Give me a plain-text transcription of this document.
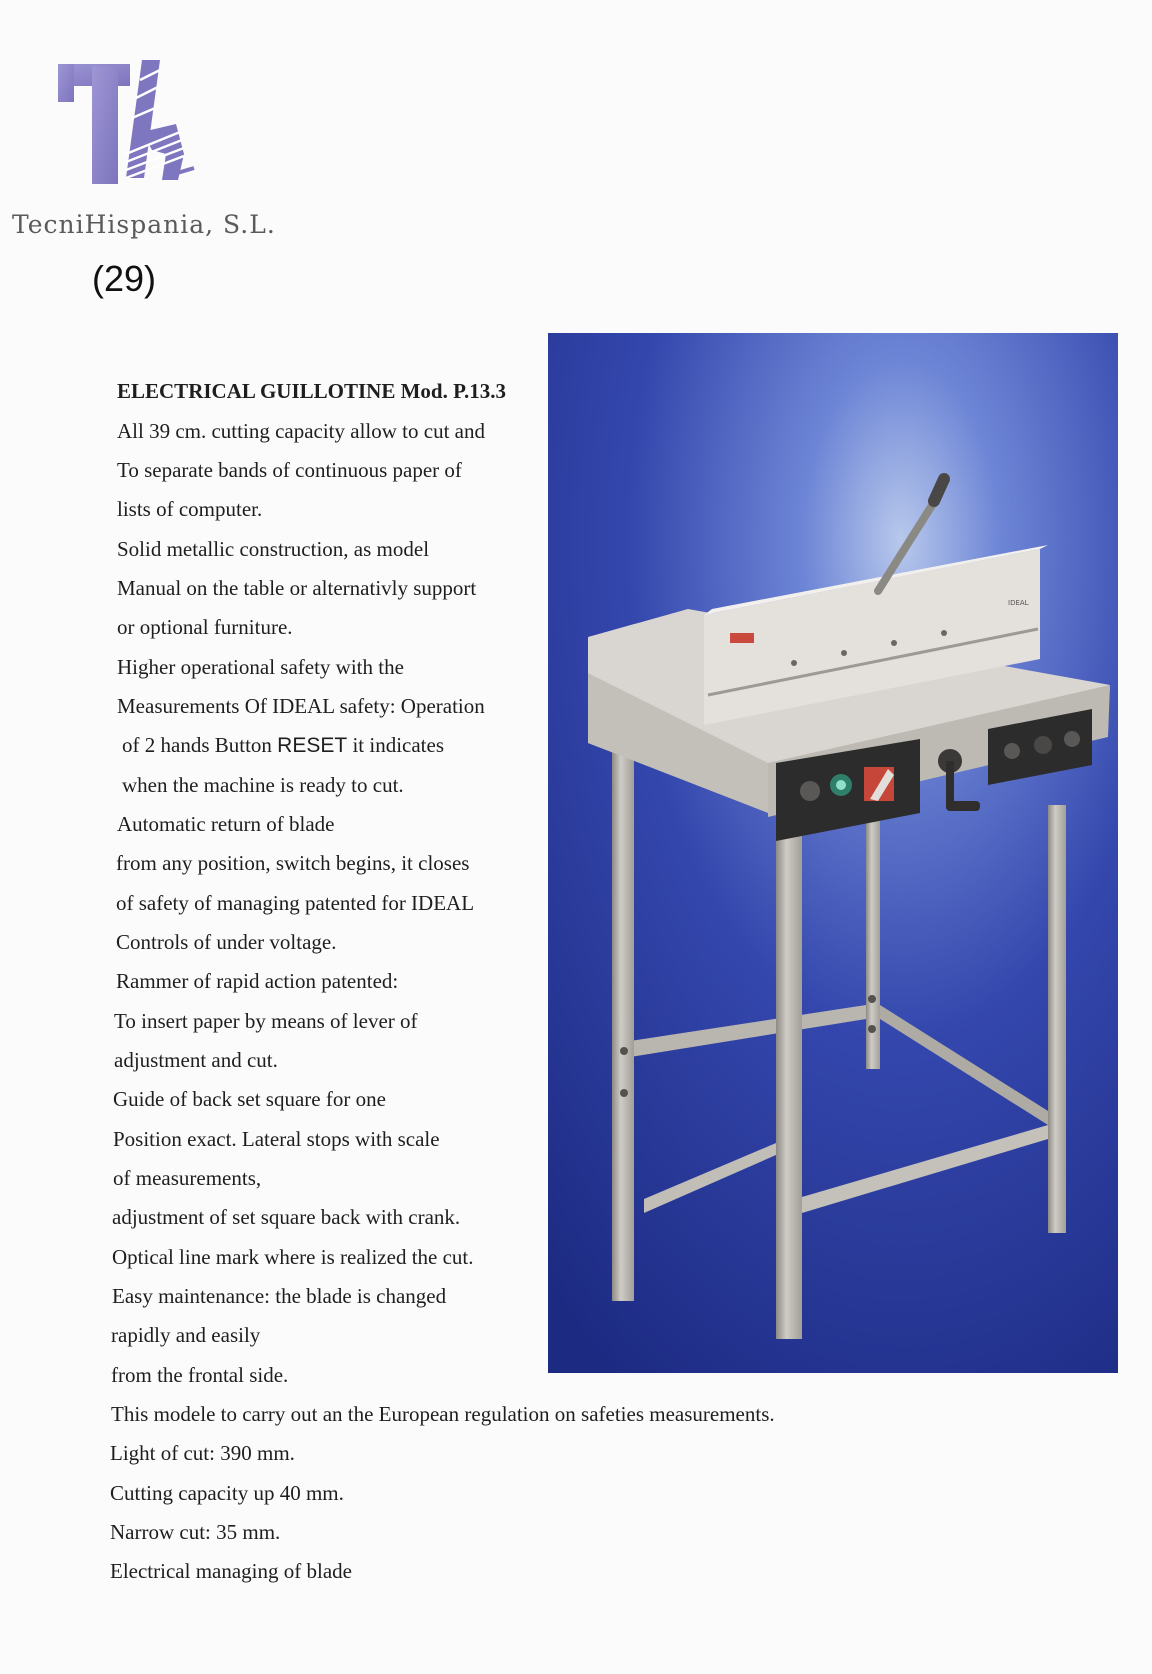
TecniHispania, S.L.

(29)

ELECTRICAL GUILLOTINE Mod. P.13.3
All 39 cm. cutting capacity allow to cut and
To separate bands of continuous paper of
lists of computer.
Solid metallic construction, as model
Manual on the table or alternativly support
or optional furniture.
Higher operational safety with the
Measurements Of IDEAL safety: Operation
of 2 hands Button RESET it indicates
when the machine is ready to cut.
Automatic return of blade
from any position, switch begins, it closes
of safety of managing patented for IDEAL
Controls of under voltage.
Rammer of rapid action patented:
To insert paper by means of lever of
adjustment and cut.
Guide of back set square for one
Position exact. Lateral stops with scale
of measurements,
adjustment of set square back with crank.
Optical line mark where is realized the cut.
Easy maintenance: the blade is changed
rapidly and easily
from the frontal side.
This modele to carry out an the European regulation on safeties measurements.
Light of cut: 390 mm.
Cutting capacity up 40 mm.
Narrow cut: 35 mm.
Electrical managing of blade
IDEAL
